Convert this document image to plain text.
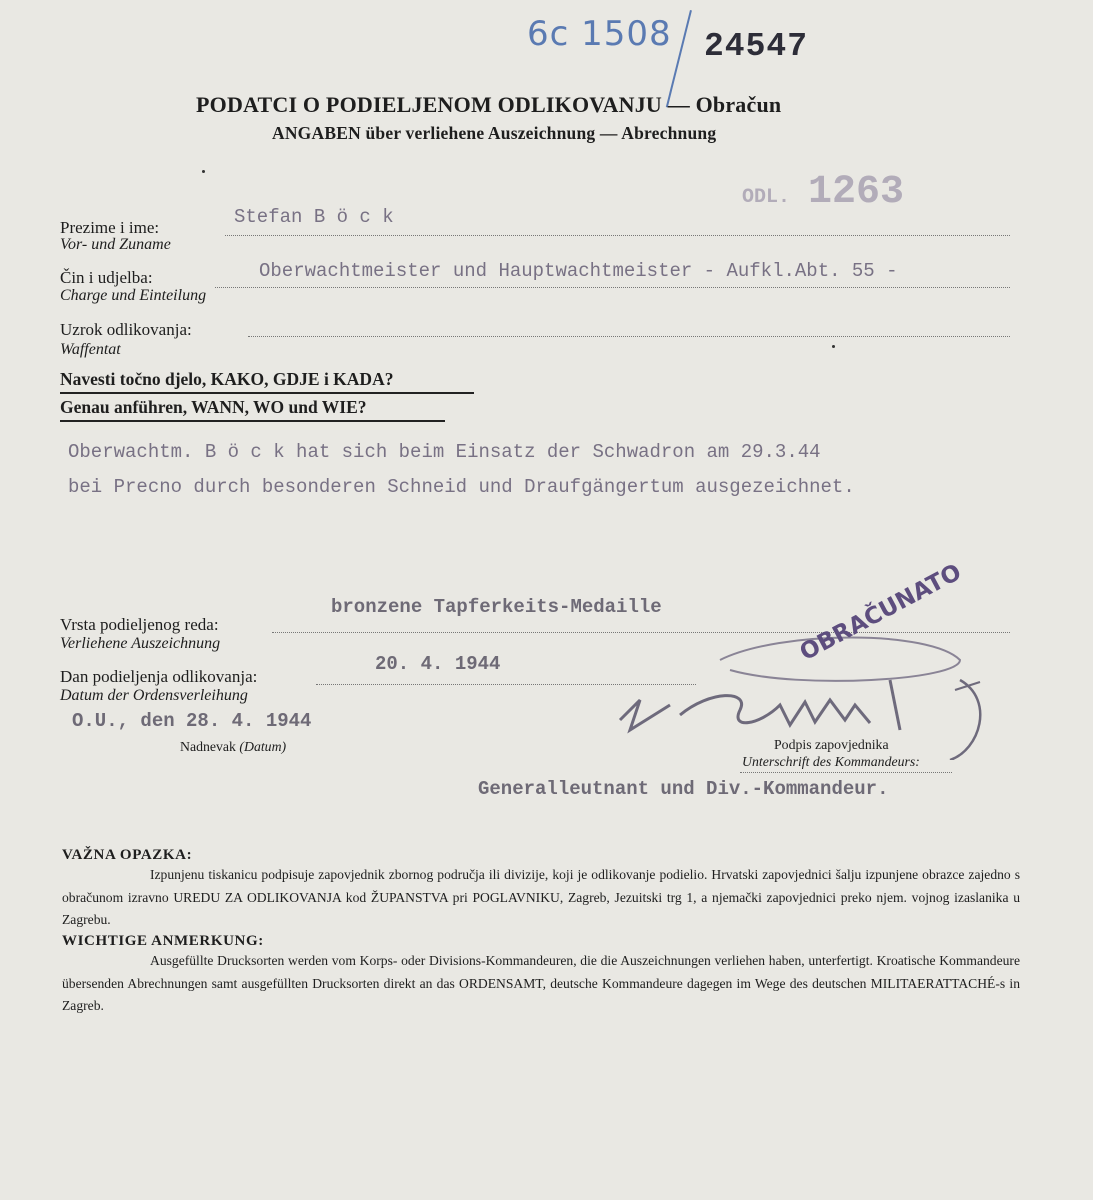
6c 1508 24547
PODATCI O PODIELJENOM ODLIKOVANJU — Obračun
ANGABEN über verliehene Auszeichnung — Abrechnung
ODL. 1263
Prezime i ime:
Vor- und Zuname
Stefan B ö c k
Čin i udjelba:
Charge und Einteilung
Oberwachtmeister und Hauptwachtmeister - Aufkl.Abt. 55 -
Uzrok odlikovanja:
Waffentat
Navesti točno djelo, KAKO, GDJE i KADA?
Genau anführen, WANN, WO und WIE?
Oberwachtm. B ö c k hat sich beim Einsatz der Schwadron am 29.3.44
bei Precno durch besonderen Schneid und Draufgängertum ausgezeichnet.
bronzene Tapferkeits-Medaille
Vrsta podieljenog reda:
Verliehene Auszeichnung
20. 4. 1944
Dan podieljenja odlikovanja:
Datum der Ordensverleihung
O.U., den 28. 4. 1944
Nadnevak (Datum)
OBRAČUNATO
Podpis zapovjednika
Unterschrift des Kommandeurs:
Generalleutnant und Div.-Kommandeur.
VAŽNA OPAZKA:
Izpunjenu tiskanicu podpisuje zapovjednik zbornog područja ili divizije, koji je odlikovanje podielio. Hrvatski zapovjednici šalju izpunjene obrazce zajedno s obračunom izravno UREDU ZA ODLIKOVANJA kod ŽUPANSTVA pri POGLAVNIKU, Zagreb, Jezuitski trg 1, a njemački zapovjednici preko njem. vojnog izaslanika u Zagrebu.
WICHTIGE ANMERKUNG:
Ausgefüllte Drucksorten werden vom Korps- oder Divisions-Kommandeuren, die die Auszeichnungen verliehen haben, unterfertigt. Kroatische Kommandeure übersenden Abrechnungen samt ausgefüllten Drucksorten direkt an das ORDENSAMT, deutsche Kommandeure dagegen im Wege des deutschen MILITAERATTACHÉ-s in Zagreb.
